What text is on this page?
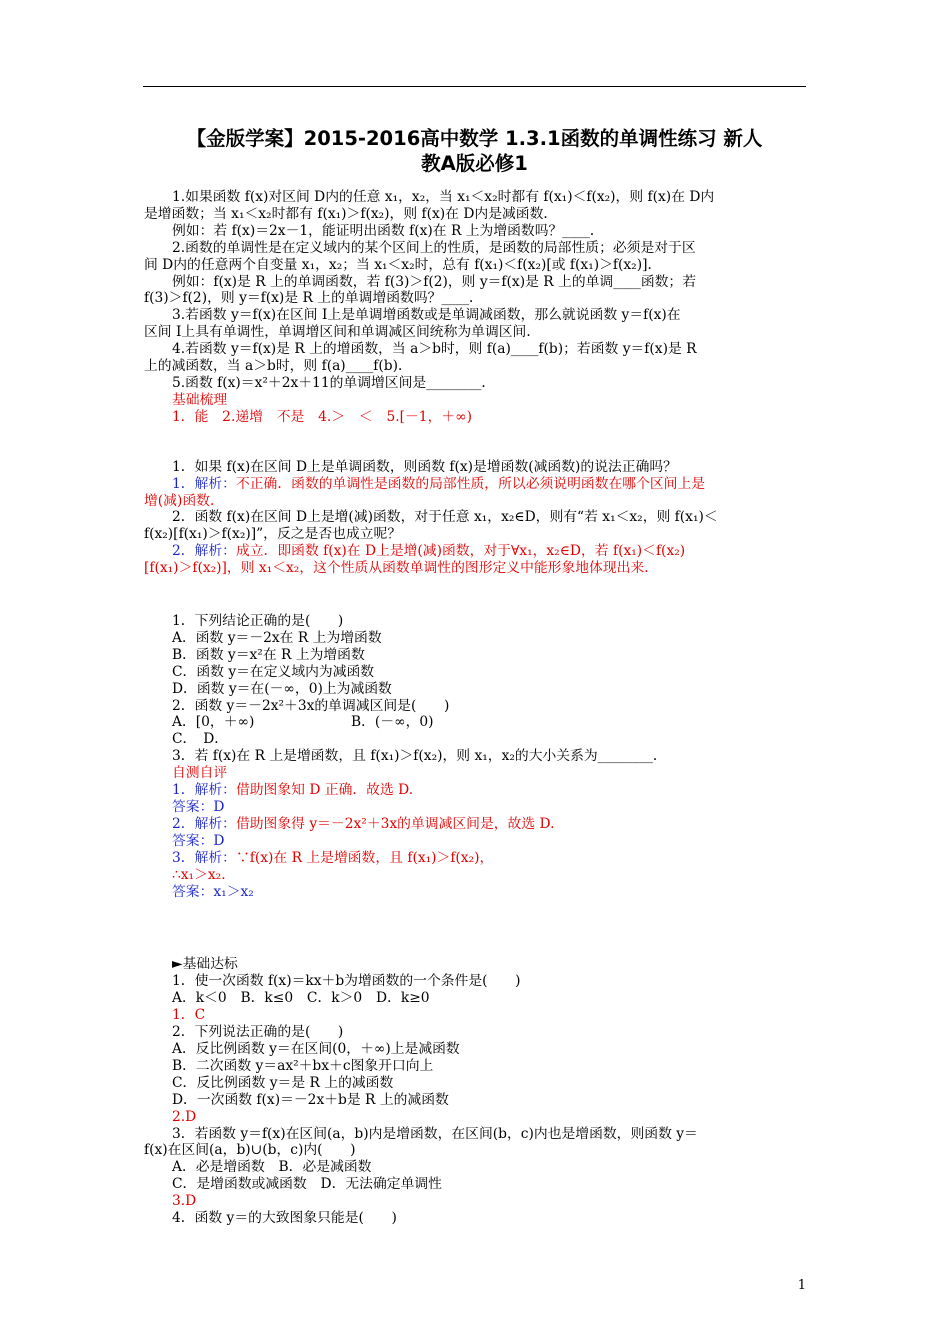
【金版学案】2015-2016高中数学 1.3.1函数的单调性练习 新人
教A版必修1
1.如果函数 f(x)对区间 D内的任意 x₁，x₂，当 x₁＜x₂时都有 f(x₁)＜f(x₂)，则 f(x)在 D内
是增函数；当 x₁＜x₂时都有 f(x₁)＞f(x₂)，则 f(x)在 D内是减函数．
例如：若 f(x)＝2x－1，能证明出函数 f(x)在 R 上为增函数吗？____．
2.函数的单调性是在定义域内的某个区间上的性质，是函数的局部性质；必须是对于区
间 D内的任意两个自变量 x₁，x₂；当 x₁＜x₂时，总有 f(x₁)＜f(x₂)[或 f(x₁)＞f(x₂)]．
例如：f(x)是 R 上的单调函数，若 f(3)＞f(2)，则 y＝f(x)是 R 上的单调____函数；若
f(3)＞f(2)，则 y＝f(x)是 R 上的单调增函数吗？____．
3.若函数 y＝f(x)在区间 I上是单调增函数或是单调减函数，那么就说函数 y＝f(x)在
区间 I上具有单调性，单调增区间和单调减区间统称为单调区间．
4.若函数 y＝f(x)是 R 上的增函数，当 a＞b时，则 f(a)____f(b)；若函数 y＝f(x)是 R
上的减函数，当 a＞b时，则 f(a)____f(b)．
5.函数 f(x)＝x²＋2x＋11的单调增区间是________．
基础梳理
1．能　2.递增　不是　4.＞　＜　5.[－1，＋∞)
1．如果 f(x)在区间 D上是单调函数，则函数 f(x)是增函数(减函数)的说法正确吗？
1．解析：不正确．函数的单调性是函数的局部性质，所以必须说明函数在哪个区间上是
增(减)函数．
2．函数 f(x)在区间 D上是增(减)函数，对于任意 x₁，x₂∈D，则有“若 x₁＜x₂，则 f(x₁)＜
f(x₂)[f(x₁)＞f(x₂)]”，反之是否也成立呢？
2．解析：成立．即函数 f(x)在 D上是增(减)函数，对于∀x₁，x₂∈D，若 f(x₁)＜f(x₂)
[f(x₁)＞f(x₂)]，则 x₁＜x₂，这个性质从函数单调性的图形定义中能形象地体现出来．
1．下列结论正确的是(　　)
A．函数 y＝－2x在 R 上为增函数
B．函数 y＝x²在 R 上为增函数
C．函数 y＝在定义域内为减函数
D．函数 y＝在(－∞，0)上为减函数
2．函数 y＝－2x²＋3x的单调减区间是(　　)
A．[0，＋∞)　　　　　　　B．(－∞，0)
C．　D．
3．若 f(x)在 R 上是增函数，且 f(x₁)＞f(x₂)，则 x₁，x₂的大小关系为________．
自测自评
1．解析：借助图象知 D 正确．故选 D.
答案：D
2．解析：借助图象得 y＝－2x²＋3x的单调减区间是，故选 D.
答案：D
3．解析：∵f(x)在 R 上是增函数，且 f(x₁)＞f(x₂)，
∴x₁＞x₂.
答案：x₁＞x₂
►基础达标
1．使一次函数 f(x)＝kx＋b为增函数的一个条件是(　　)
A．k＜0　B．k≤0　C．k＞0　D．k≥0
1．C
2．下列说法正确的是(　　)
A．反比例函数 y＝在区间(0，＋∞)上是减函数
B．二次函数 y＝ax²＋bx＋c图象开口向上
C．反比例函数 y＝是 R 上的减函数
D．一次函数 f(x)＝－2x＋b是 R 上的减函数
2.D
3．若函数 y＝f(x)在区间(a，b)内是增函数，在区间(b，c)内也是增函数，则函数 y＝
f(x)在区间(a，b)∪(b，c)内(　　)
A．必是增函数　B．必是减函数
C．是增函数或减函数　D．无法确定单调性
3.D
4．函数 y＝的大致图象只能是(　　)
1
